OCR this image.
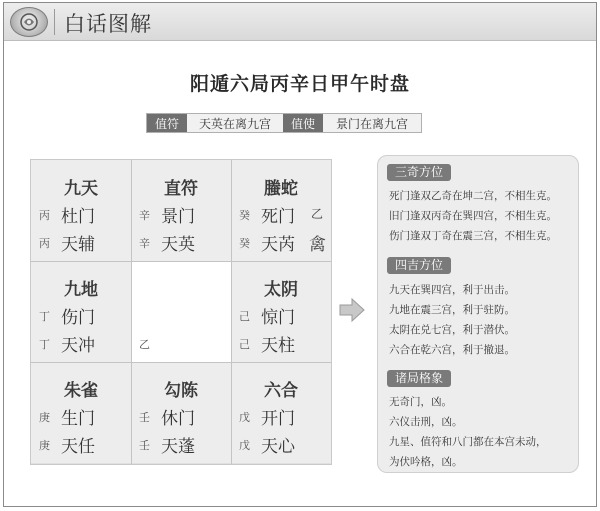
白话图解
阳遁六局丙辛日甲午时盘
值符	天英在离九宫	值使	景门在离九宫
九天
丙 杜门
丙 天辅
直符
辛 景门
辛 天英
螣蛇
癸 死门 乙
癸 天芮 禽
九地
丁 伤门
丁 天冲	乙
太阴
己 惊门
己 天柱
朱雀
庚 生门
庚 天任
勾陈
壬 休门
壬 天蓬
六合
戊 开门
戊 天心
三奇方位
死门逢双乙奇在坤二宫，不相生克。
旧门逢双丙奇在巽四宫，不相生克。
伤门逢双丁奇在震三宫，不相生克。
四吉方位
九天在巽四宫，利于出击。
九地在震三宫，利于驻防。
太阴在兑七宫，利于潜伏。
六合在乾六宫，利于撤退。
诸局格象
无奇门，凶。
六仪击刑，凶。
九星、值符和八门都在本宫未动，
为伏吟格，凶。
